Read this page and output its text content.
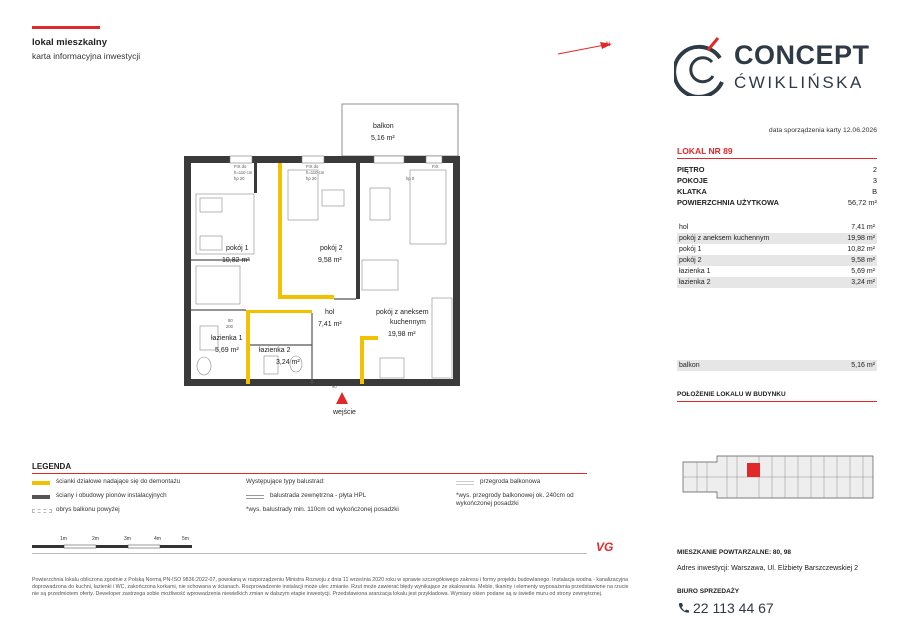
lokal mieszkalny
karta informacyjna inwestycji
N	CONCEPT
ĆWIKLIŃSKA
data sporządzenia karty 12.06.2026
LOKAL NR 89
PIĘTRO	2
POKOJE	3
KLATKA	B
POWIERZCHNIA UŻYTKOWA	56,72 m²
hol	7,41 m²
pokój z aneksem kuchennym	19,98 m²
pokój 1	10,82 m²
pokój 2	9,58 m²
łazienka 1	5,69 m²
łazienka 2	3,24 m²
balkon	5,16 m²
POŁOŻENIE LOKALU W BUDYNKU
MIESZKANIE POWTARZALNE: 80, 98
Adres inwestycji: Warszawa, Ul. Elżbiety Barszczewskiej 2
BIURO SPRZEDAŻY
22 113 44 67
wejście
balkon
5,16 m²
pokój 1
10,82 m²
pokój 2
9,58 m²
hol
7,41 m²
pokój z aneksem
kuchennym
19,98 m²
łazienka 1
5,69 m²	łazienka 2
3,24 m²
FIX do
h=110 cm
hp 20
FIX do
h=110 cm
hp 20	hp 0
FIX
80
200
90
LEGENDA
ścianki działowe nadające się do demontażu
ściany i obudowy pionów instalacyjnych
obrys balkonu powyżej
Występujące typy balustrad:
balustrada zewnętrzna - płyta HPL
*wys. balustrady min. 110cm od wykończonej posadzki
przegroda balkonowa
*wys. przegrody balkonowej ok. 240cm od
wykończonej posadzki
1m	2m	3m	4m	5m
VG
Powierzchnia lokalu obliczona zgodnie z Polską Normą PN-ISO 9836:2022-07, powołaną w rozporządzeniu Ministra Rozwoju z dnia 11 września 2020 roku w sprawie szczegółowego zakresu i formy projektu budowlanego. Instalacja wodna - kanalizacyjna doprowadzona do kuchni, łazienki i WC, zakończona korkami, nie schowana w ścianach. Rozprowadzenie instalacji może ulec zmianie. Rzut może zawierać błędy wynikające ze skalowania. Meble, tkaniny i elementy wyposażenia przedstawione na rzucie nie są przedmiotem oferty. Deweloper zastrzega sobie możliwość wprowadzenia niewielkich zmian w dalszym etapie inwestycji. Przedstawiona aranżacja lokalu jest przykładowa. Wymiary okien podane są w świetle muru od strony zewnętrznej.
